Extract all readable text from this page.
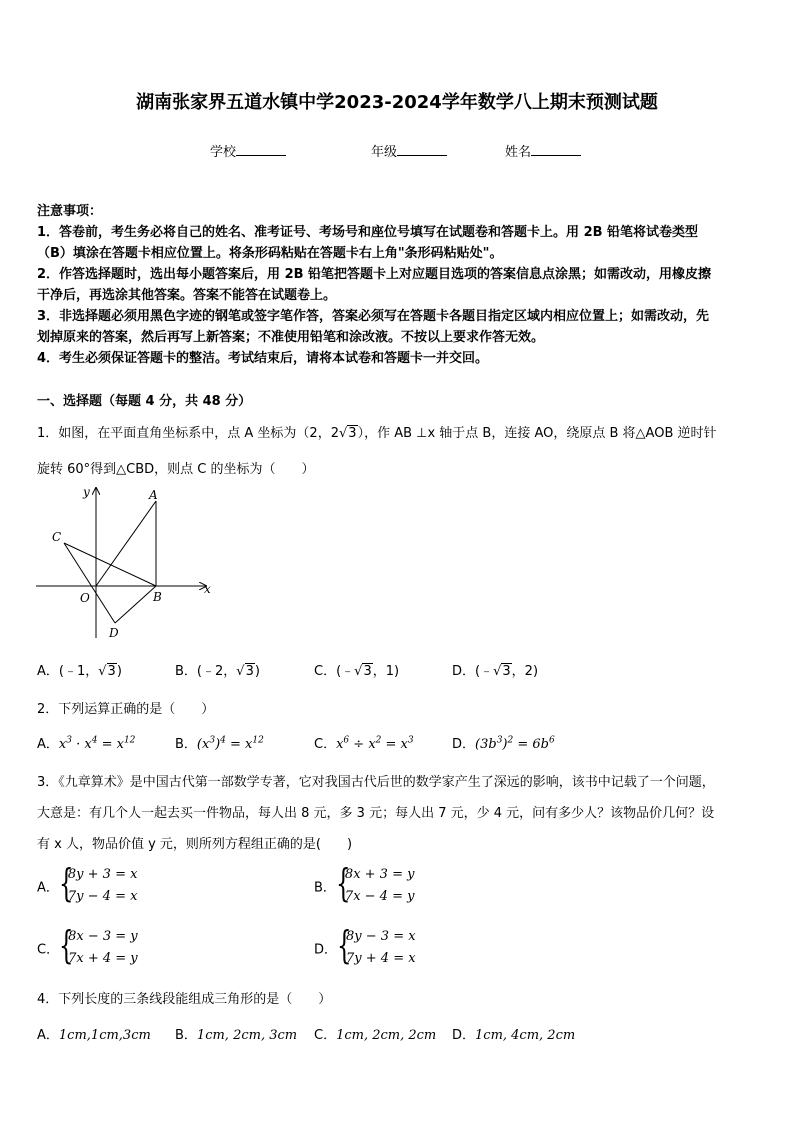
湖南张家界五道水镇中学2023-2024学年数学八上期末预测试题
学校	年级	姓名
注意事项：
1．答卷前，考生务必将自己的姓名、准考证号、考场号和座位号填写在试题卷和答题卡上。用 2B 铅笔将试卷类型
（B）填涂在答题卡相应位置上。将条形码粘贴在答题卡右上角"条形码粘贴处"。
2．作答选择题时，选出每小题答案后，用 2B 铅笔把答题卡上对应题目选项的答案信息点涂黑；如需改动，用橡皮擦
干净后，再选涂其他答案。答案不能答在试题卷上。
3．非选择题必须用黑色字迹的钢笔或签字笔作答，答案必须写在答题卡各题目指定区域内相应位置上；如需改动，先
划掉原来的答案，然后再写上新答案；不准使用铅笔和涂改液。不按以上要求作答无效。
4．考生必须保证答题卡的整洁。考试结束后，请将本试卷和答题卡一并交回。
一、选择题（每题 4 分，共 48 分）
1．如图，在平面直角坐标系中，点 A 坐标为（2，2√3），作 AB ⊥x 轴于点 B，连接 AO，绕原点 B 将△AOB 逆时针
旋转 60°得到△CBD，则点 C 的坐标为（　　）
A
B
C
D
O
x
y
A．(﹣1，√3)	B．(﹣2，√3)	C．(﹣√3，1)	D．(﹣√3，2)
2．下列运算正确的是（　　）
A．$x^3 \cdot x^4 = x^{12}$	B．$(x^3)^4 = x^{12}$	C．$x^6 \div x^2 = x^3$	D．$(3b^3)^2 = 6b^6$
3．《九章算术》是中国古代第一部数学专著，它对我国古代后世的数学家产生了深远的影响，该书中记载了一个问题，
大意是：有几个人一起去买一件物品，每人出 8 元，多 3 元；每人出 7 元，少 4 元，问有多少人？该物品价几何？设
有 x 人，物品价值 y 元，则所列方程组正确的是(　　)
A． {
8y + 3 = x
7y − 4 = x
B． {
8x + 3 = y
7x − 4 = y
C． {
8x − 3 = y
7x + 4 = y
D． {
8y − 3 = x
7y + 4 = x
4．下列长度的三条线段能组成三角形的是（　　）
A．1cm,1cm,3cm B．1cm, 2cm, 3cm C．1cm, 2cm, 2cm D．1cm, 4cm, 2cm
